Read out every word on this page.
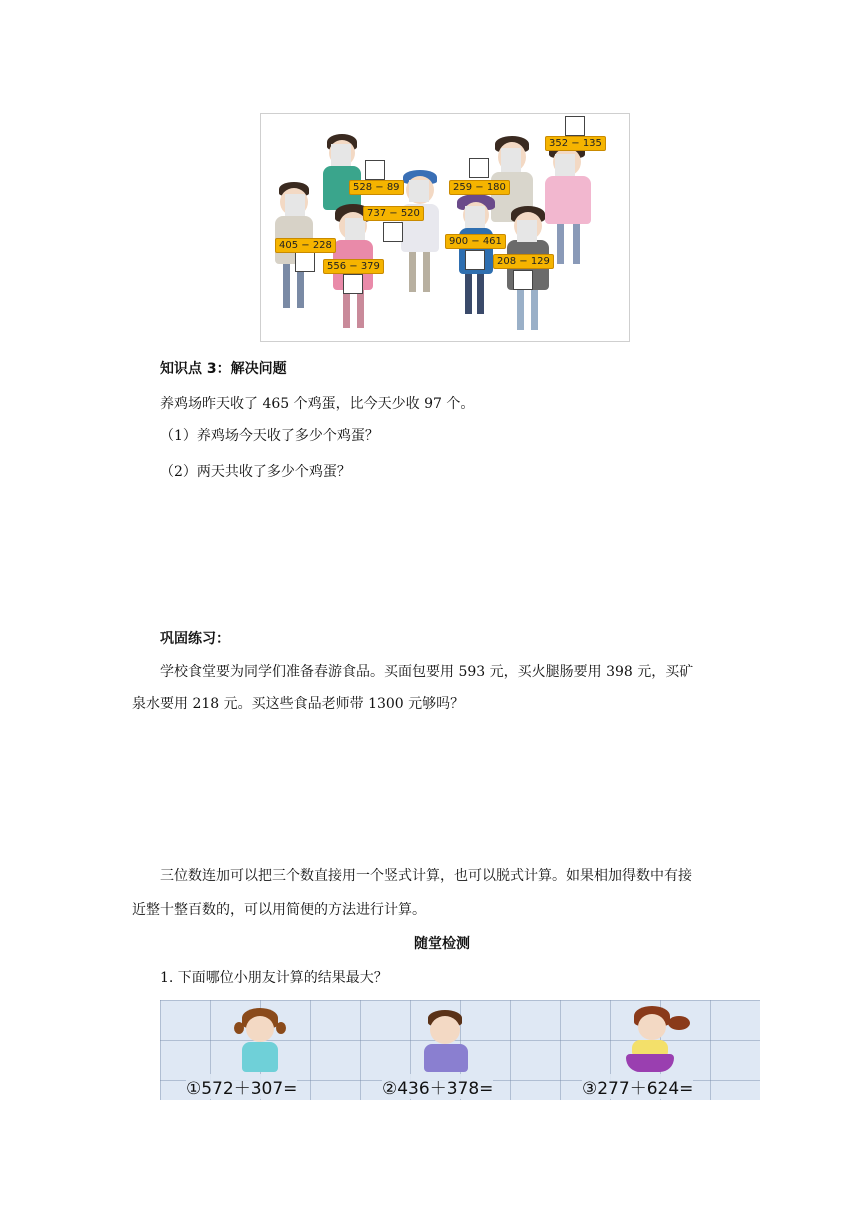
528 − 89
737 − 520
405 − 228
556 − 379
259 − 180
352 − 135
900 − 461
208 − 129
知识点 3：解决问题
养鸡场昨天收了 465 个鸡蛋，比今天少收 97 个。
（1）养鸡场今天收了多少个鸡蛋？
（2）两天共收了多少个鸡蛋？
巩固练习：
学校食堂要为同学们准备春游食品。买面包要用 593 元，买火腿肠要用 398 元，买矿
泉水要用 218 元。买这些食品老师带 1300 元够吗？
三位数连加可以把三个数直接用一个竖式计算，也可以脱式计算。如果相加得数中有接
近整十整百数的，可以用简便的方法进行计算。
随堂检测
1. 下面哪位小朋友计算的结果最大？
①572＋307=	②436＋378=	③277＋624=
